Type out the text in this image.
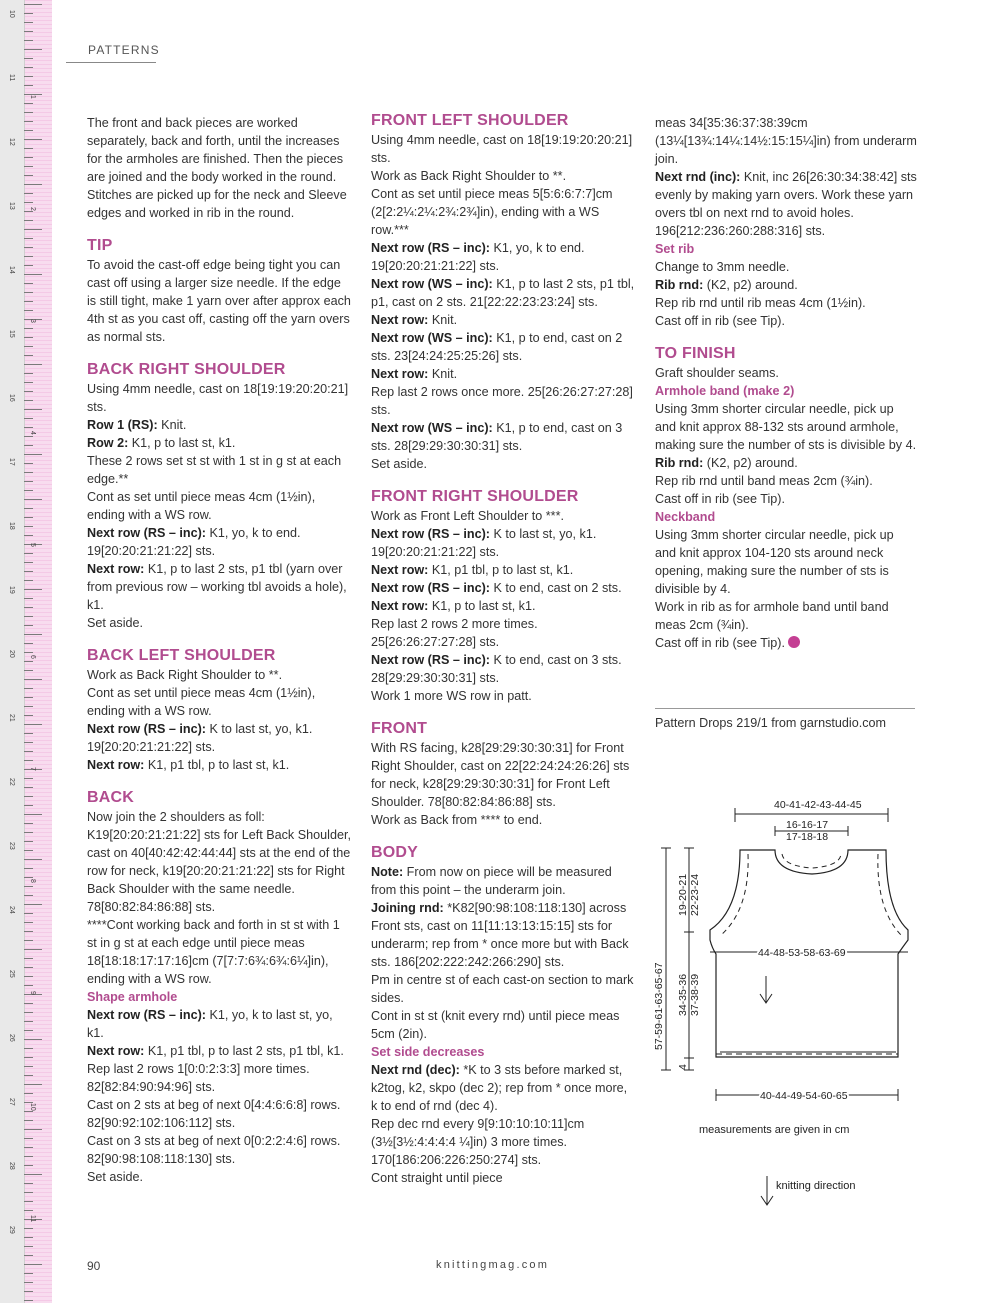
1
2
3
4
5
6
7
8
9
10
11
10
11
12
13
14
15
16
17
18
19
20
21
22
23
24
25
26
27
28
29
PATTERNS

The front and back pieces are worked separately, back and forth, until the increases for the armholes are finished. Then the pieces are joined and the body worked in the round. Stitches are picked up for the neck and Sleeve edges and worked in rib in the round.

TIP

To avoid the cast-off edge being tight you can cast off using a larger size needle. If the edge is still tight, make 1 yarn over after approx each 4th st as you cast off, casting off the yarn overs as normal sts.

BACK RIGHT SHOULDER

Using 4mm needle, cast on 18[19:19:20:20:21] sts.

Row 1 (RS): Knit.

Row 2: K1, p to last st, k1.

These 2 rows set st st with 1 st in g st at each edge.**

Cont as set until piece meas 4cm (1½in), ending with a WS row.

Next row (RS – inc): K1, yo, k to end. 19[20:20:21:21:22] sts.

Next row: K1, p to last 2 sts, p1 tbl (yarn over from previous row – working tbl avoids a hole), k1.

Set aside.

BACK LEFT SHOULDER

Work as Back Right Shoulder to **.

Cont as set until piece meas 4cm (1½in), ending with a WS row.

Next row (RS – inc): K to last st, yo, k1. 19[20:20:21:21:22] sts.

Next row: K1, p1 tbl, p to last st, k1.

BACK

Now join the 2 shoulders as foll: K19[20:20:21:21:22] sts for Left Back Shoulder, cast on 40[40:42:42:44:44] sts at the end of the row for neck, k19[20:20:21:21:22] sts for Right Back Shoulder with the same needle. 78[80:82:84:86:88] sts.

****Cont working back and forth in st st with 1 st in g st at each edge until piece meas 18[18:18:17:17:16]cm (7[7:7:6¾:6¾:6¼]in), ending with a WS row.

Shape armhole

Next row (RS – inc): K1, yo, k to last st, yo, k1.

Next row: K1, p1 tbl, p to last 2 sts, p1 tbl, k1.

Rep last 2 rows 1[0:0:2:3:3] more times. 82[82:84:90:94:96] sts.

Cast on 2 sts at beg of next 0[4:4:6:6:8] rows. 82[90:92:102:106:112] sts.

Cast on 3 sts at beg of next 0[0:2:2:4:6] rows. 82[90:98:108:118:130] sts.

Set aside.

FRONT LEFT SHOULDER

Using 4mm needle, cast on 18[19:19:20:20:21] sts.

Work as Back Right Shoulder to **.

Cont as set until piece meas 5[5:6:6:7:7]cm (2[2:2¼:2¼:2¾:2¾]in), ending with a WS row.***

Next row (RS – inc): K1, yo, k to end. 19[20:20:21:21:22] sts.

Next row (WS – inc): K1, p to last 2 sts, p1 tbl, p1, cast on 2 sts. 21[22:22:23:23:24] sts.

Next row: Knit.

Next row (WS – inc): K1, p to end, cast on 2 sts. 23[24:24:25:25:26] sts.

Next row: Knit.

Rep last 2 rows once more. 25[26:26:27:27:28] sts.

Next row (WS – inc): K1, p to end, cast on 3 sts. 28[29:29:30:30:31] sts.

Set aside.

FRONT RIGHT SHOULDER

Work as Front Left Shoulder to ***.

Next row (RS – inc): K to last st, yo, k1. 19[20:20:21:21:22] sts.

Next row: K1, p1 tbl, p to last st, k1.

Next row (RS – inc): K to end, cast on 2 sts.

Next row: K1, p to last st, k1.

Rep last 2 rows 2 more times. 25[26:26:27:27:28] sts.

Next row (RS – inc): K to end, cast on 3 sts. 28[29:29:30:30:31] sts.

Work 1 more WS row in patt.

FRONT

With RS facing, k28[29:29:30:30:31] for Front Right Shoulder, cast on 22[22:24:24:26:26] sts for neck, k28[29:29:30:30:31] for Front Left Shoulder. 78[80:82:84:86:88] sts.

Work as Back from **** to end.

BODY

Note: From now on piece will be measured from this point – the underarm join.

Joining rnd: *K82[90:98:108:118:130] across Front sts, cast on 11[11:13:13:15:15] sts for underarm; rep from * once more but with Back sts. 186[202:222:242:266:290] sts.

Pm in centre st of each cast-on section to mark sides.

Cont in st st (knit every rnd) until piece meas 5cm (2in).

Set side decreases

Next rnd (dec): *K to 3 sts before marked st, k2tog, k2, skpo (dec 2); rep from * once more, k to end of rnd (dec 4).

Rep dec rnd every 9[9:10:10:10:11]cm (3½[3½:4:4:4:4 ¼]in) 3 more times. 170[186:206:226:250:274] sts.

Cont straight until piece

meas 34[35:36:37:38:39cm (13¼[13¾:14¼:14½:15:15¼]in) from underarm join.

Next rnd (inc): Knit, inc 26[26:30:34:38:42] sts evenly by making yarn overs. Work these yarn overs tbl on next rnd to avoid holes. 196[212:236:260:288:316] sts.

Set rib

Change to 3mm needle.

Rib rnd: (K2, p2) around.

Rep rib rnd until rib meas 4cm (1½in).

Cast off in rib (see Tip).

TO FINISH

Graft shoulder seams.

Armhole band (make 2)

Using 3mm shorter circular needle, pick up and knit approx 88-132 sts around armhole, making sure the number of sts is divisible by 4.

Rib rnd: (K2, p2) around.

Rep rib rnd until band meas 2cm (¾in).

Cast off in rib (see Tip).

Neckband

Using 3mm shorter circular needle, pick up and knit approx 104-120 sts around neck opening, making sure the number of sts is divisible by 4.

Work in rib as for armhole band until band meas 2cm (¾in).

Cast off in rib (see Tip).

Pattern Drops 219/1 from garnstudio.com
40-41-42-43-44-45
16-16-17
17-18-18
44-48-53-58-63-69
57-59-61-63-65-67
19-20-21 22-23-24
34-35-36 37-38-39
4
40-44-49-54-60-65
measurements are given in cm
knitting direction
90	knittingmag.com
